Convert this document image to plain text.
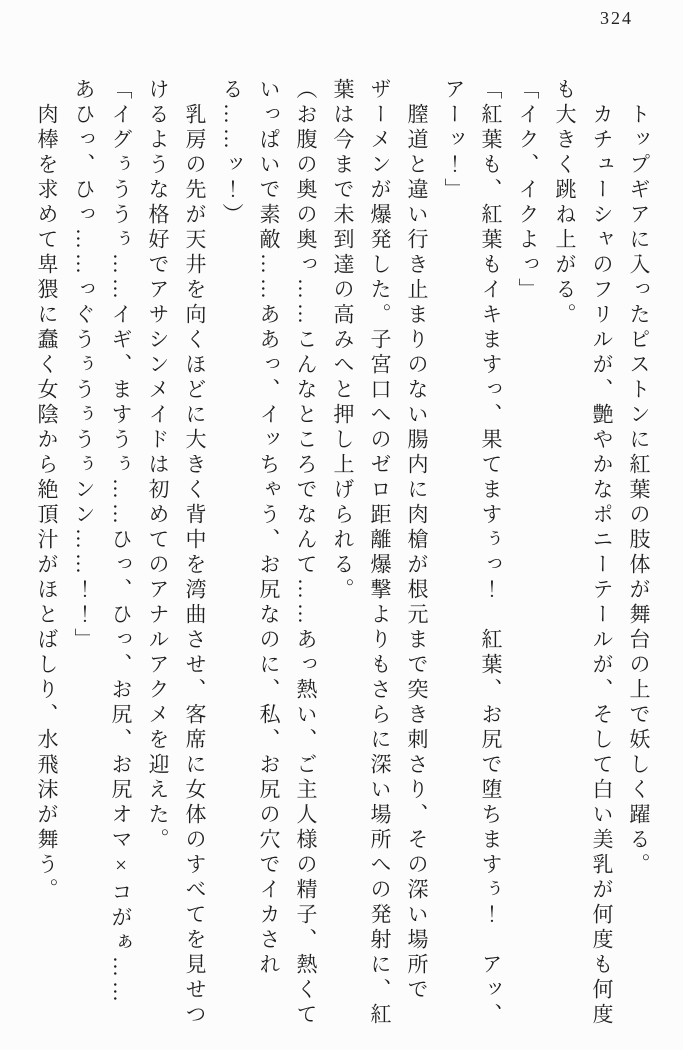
324

トップギアに入ったピストンに紅葉の肢体が舞台の上で妖しく躍る。

カチューシャのフリルが、艶やかなポニーテールが、そして白い美乳が何度も何度も大きく跳ね上がる。

「イク、イクよっ」

「紅葉も、紅葉もイキますっ、果てますぅっ！　紅葉、お尻で堕ちますぅ！　アッ、アーッ！」

膣道と違い行き止まりのない腸内に肉槍が根元まで突き刺さり、その深い場所でザーメンが爆発した。子宮口へのゼロ距離爆撃よりもさらに深い場所への発射に、紅葉は今まで未到達の高みへと押し上げられる。

（お腹の奥の奥っ……こんなところでなんて……あっ熱い、ご主人様の精子、熱くていっぱいで素敵……ああっ、イッちゃう、お尻なのに、私、お尻の穴でイカされる……ッ！）

乳房の先が天井を向くほどに大きく背中を湾曲させ、客席に女体のすべてを見せつけるような格好でアサシンメイドは初めてのアナルアクメを迎えた。

「イグぅううぅ……イギ、ますうぅ……ひっ、ひっ、お尻、お尻オマ×コがぁ……あひっ、ひっ……っぐうぅうぅうぅンン……！！」

肉棒を求めて卑猥に蠢く女陰から絶頂汁がほとばしり、水飛沫が舞う。
